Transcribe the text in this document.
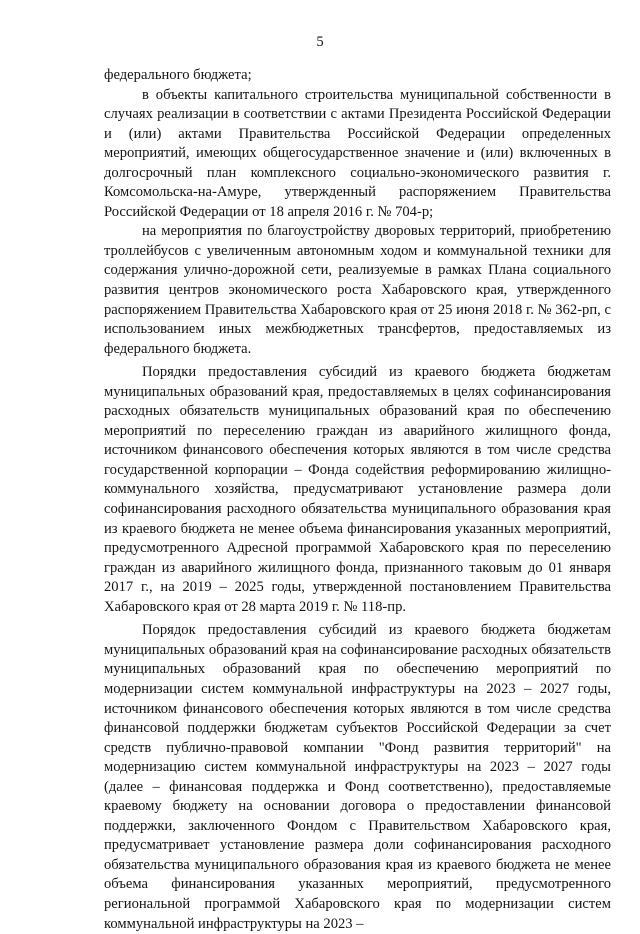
5

федерального бюджета;

в объекты капитального строительства муниципальной собственности в случаях реализации в соответствии с актами Президента Российской Федерации и (или) актами Правительства Российской Федерации определенных мероприятий, имеющих общегосударственное значение и (или) включенных в долгосрочный план комплексного социально-экономического развития г. Комсомольска-на-Амуре, утвержденный распоряжением Правительства Российской Федерации от 18 апреля 2016 г. № 704-р;

на мероприятия по благоустройству дворовых территорий, приобретению троллейбусов с увеличенным автономным ходом и коммунальной техники для содержания улично-дорожной сети, реализуемые в рамках Плана социального развития центров экономического роста Хабаровского края, утвержденного распоряжением Правительства Хабаровского края от 25 июня 2018 г. № 362-рп, с использованием иных межбюджетных трансфертов, предоставляемых из федерального бюджета.

Порядки предоставления субсидий из краевого бюджета бюджетам муниципальных образований края, предоставляемых в целях софинансирования расходных обязательств муниципальных образований края по обеспечению мероприятий по переселению граждан из аварийного жилищного фонда, источником финансового обеспечения которых являются в том числе средства государственной корпорации – Фонда содействия реформированию жилищно-коммунального хозяйства, предусматривают установление размера доли софинансирования расходного обязательства муниципального образования края из краевого бюджета не менее объема финансирования указанных мероприятий, предусмотренного Адресной программой Хабаровского края по переселению граждан из аварийного жилищного фонда, признанного таковым до 01 января 2017 г., на 2019 – 2025 годы, утвержденной постановлением Правительства Хабаровского края от 28 марта 2019 г. № 118-пр.

Порядок предоставления субсидий из краевого бюджета бюджетам муниципальных образований края на софинансирование расходных обязательств муниципальных образований края по обеспечению мероприятий по модернизации систем коммунальной инфраструктуры на 2023 – 2027 годы, источником финансового обеспечения которых являются в том числе средства финансовой поддержки бюджетам субъектов Российской Федерации за счет средств публично-правовой компании "Фонд развития территорий" на модернизацию систем коммунальной инфраструктуры на 2023 – 2027 годы (далее – финансовая поддержка и Фонд соответственно), предоставляемые краевому бюджету на основании договора о предоставлении финансовой поддержки, заключенного Фондом с Правительством Хабаровского края, предусматривает установление размера доли софинансирования расходного обязательства муниципального образования края из краевого бюджета не менее объема финансирования указанных мероприятий, предусмотренного региональной программой Хабаровского края по модернизации систем коммунальной инфраструктуры на 2023 –
